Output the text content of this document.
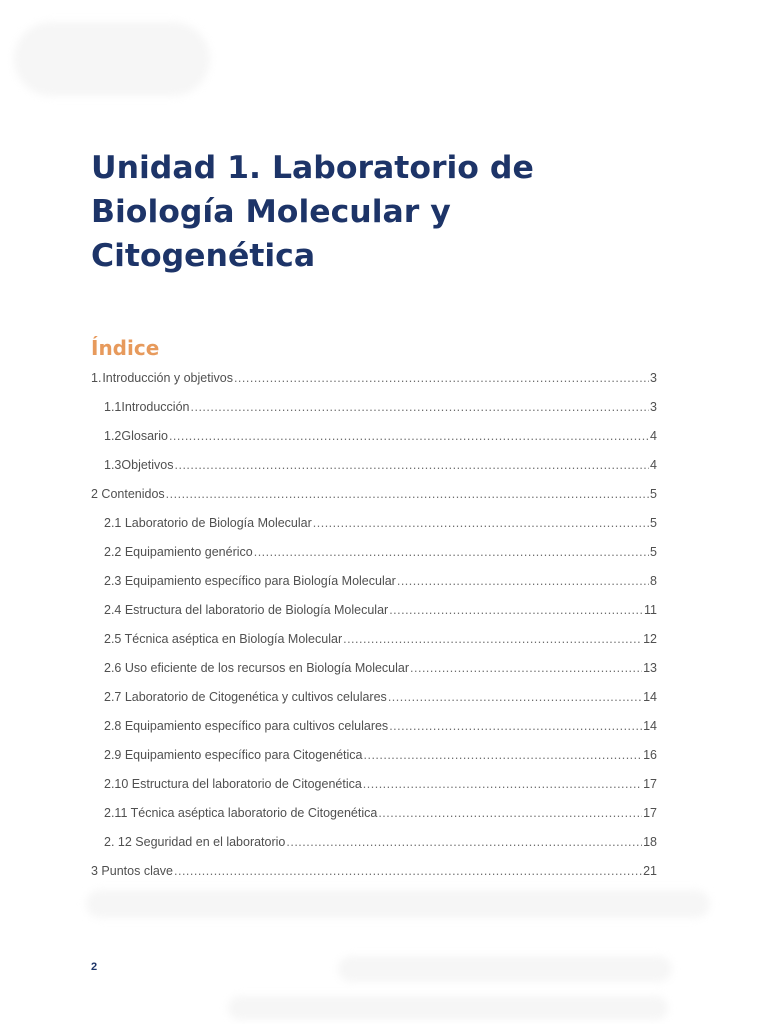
Unidad 1. Laboratorio de
Biología Molecular y
Citogenética
Índice
1. Introducción y objetivos .....	3
1.1 Introducción .....	3
1.2 Glosario .....	4
1.3 Objetivos .....	4
2 Contenidos .....	5
2.1 Laboratorio de Biología Molecular .....	5
2.2 Equipamiento genérico .....	5
2.3 Equipamiento específico para Biología Molecular .....	8
2.4 Estructura del laboratorio de Biología Molecular .....	11
2.5 Técnica aséptica en Biología Molecular .....	12
2.6 Uso eficiente de los recursos en Biología Molecular .....	13
2.7 Laboratorio de Citogenética y cultivos celulares .....	14
2.8 Equipamiento específico para cultivos celulares .....	14
2.9 Equipamiento específico para Citogenética .....	16
2.10 Estructura del laboratorio de Citogenética .....	17
2.11 Técnica aséptica laboratorio de Citogenética .....	17
2. 12 Seguridad en el laboratorio .....	18
3 Puntos clave .....	21

2
